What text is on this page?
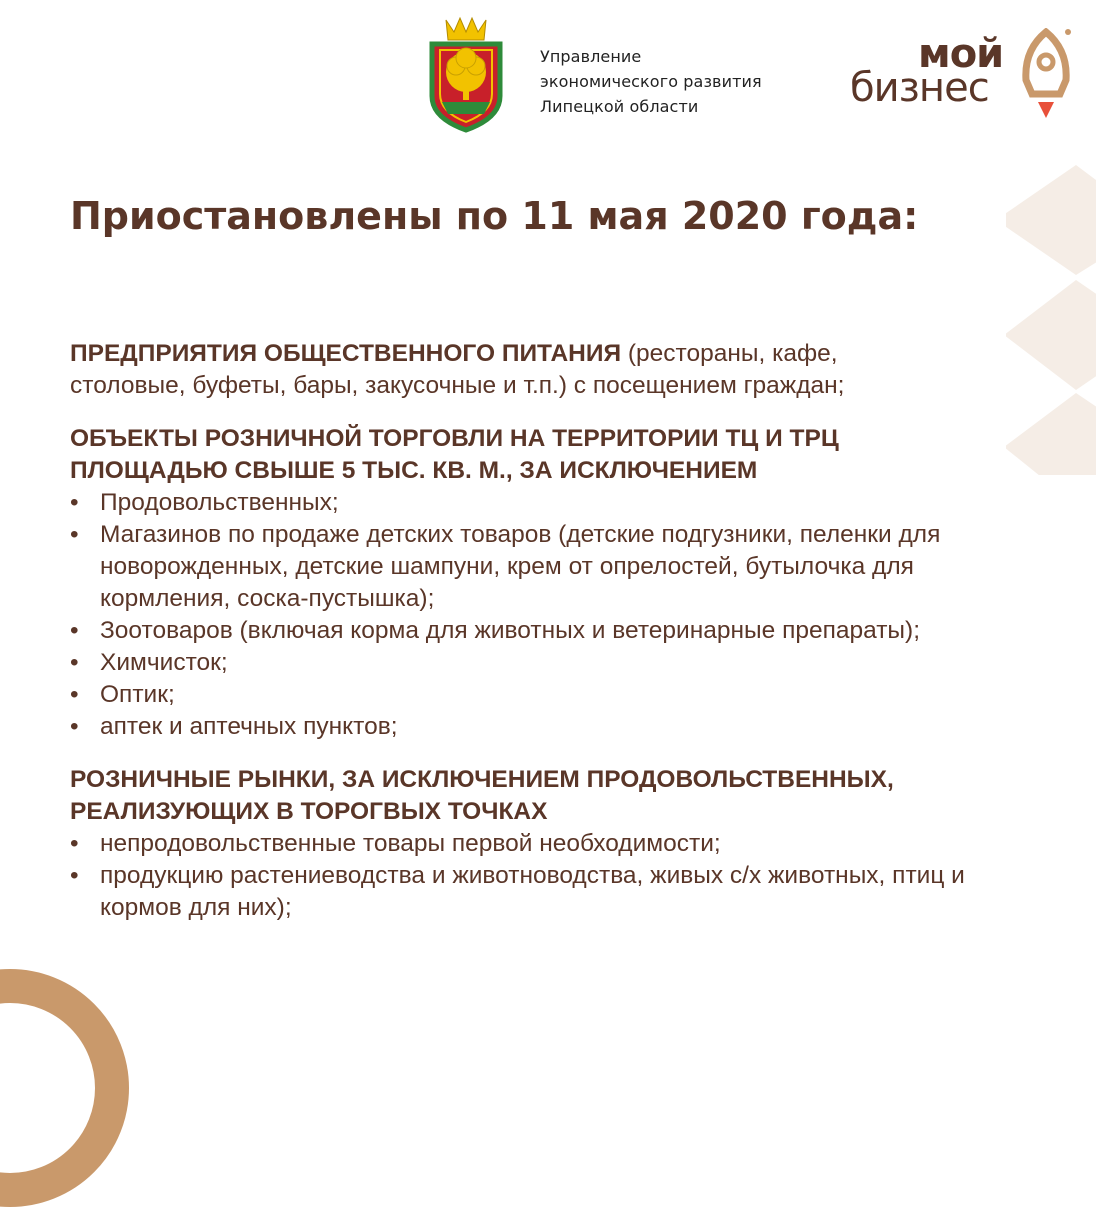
Управление
экономического развития
Липецкой области
мой
бизнес
Приостановлены по 11 мая 2020 года:

ПРЕДПРИЯТИЯ ОБЩЕСТВЕННОГО ПИТАНИЯ (рестораны, кафе,

столовые, буфеты, бары, закусочные и т.п.) с посещением граждан;

ОБЪЕКТЫ РОЗНИЧНОЙ ТОРГОВЛИ НА ТЕРРИТОРИИ ТЦ И ТРЦ

ПЛОЩАДЬЮ СВЫШЕ 5 ТЫС. КВ. М., ЗА ИСКЛЮЧЕНИЕМ

• Продовольственных;
• Магазинов по продаже детских товаров (детские подгузники, пеленки для новорожденных, детские шампуни, крем от опрелостей, бутылочка для кормления, соска-пустышка);
• Зоотоваров (включая корма для животных и ветеринарные препараты);
• Химчисток;
• Оптик;
• аптек и аптечных пунктов;

РОЗНИЧНЫЕ РЫНКИ, ЗА ИСКЛЮЧЕНИЕМ ПРОДОВОЛЬСТВЕННЫХ,

РЕАЛИЗУЮЩИХ В ТОРОГВЫХ ТОЧКАХ

• непродовольственные товары первой необходимости;
• продукцию растениеводства и животноводства, живых с/х животных, птиц и кормов для них);
